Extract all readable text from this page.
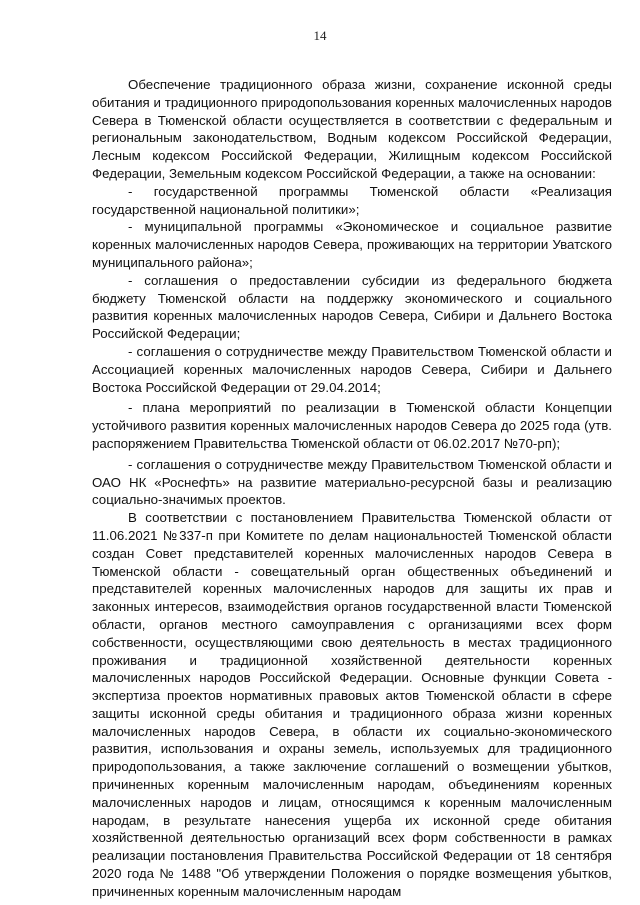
14

Обеспечение традиционного образа жизни, сохранение исконной среды обитания и традиционного природопользования коренных малочисленных народов Севера в Тюменской области осуществляется в соответствии с федеральным и региональным законодательством, Водным кодексом Российской Федерации, Лесным кодексом Российской Федерации, Жилищным кодексом Российской Федерации, Земельным кодексом Российской Федерации, а также на основании:

- государственной программы Тюменской области «Реализация государственной национальной политики»;

- муниципальной программы «Экономическое и социальное развитие коренных малочисленных народов Севера, проживающих на территории Уватского муниципального района»;

- соглашения о предоставлении субсидии из федерального бюджета бюджету Тюменской области на поддержку экономического и социального развития коренных малочисленных народов Севера, Сибири и Дальнего Востока Российской Федерации;

- соглашения о сотрудничестве между Правительством Тюменской области и Ассоциацией коренных малочисленных народов Севера, Сибири и Дальнего Востока Российской Федерации от 29.04.2014;

- плана мероприятий по реализации в Тюменской области Концепции устойчивого развития коренных малочисленных народов Севера до 2025 года (утв. распоряжением Правительства Тюменской области от 06.02.2017 №70-рп);

- соглашения о сотрудничестве между Правительством Тюменской области и ОАО НК «Роснефть» на развитие материально-ресурсной базы и реализацию социально-значимых проектов.

В соответствии с постановлением Правительства Тюменской области от 11.06.2021 №337-п при Комитете по делам национальностей Тюменской области создан Совет представителей коренных малочисленных народов Севера в Тюменской области - совещательный орган общественных объединений и представителей коренных малочисленных народов для защиты их прав и законных интересов, взаимодействия органов государственной власти Тюменской области, органов местного самоуправления с организациями всех форм собственности, осуществляющими свою деятельность в местах традиционного проживания и традиционной хозяйственной деятельности коренных малочисленных народов Российской Федерации. Основные функции Совета - экспертиза проектов нормативных правовых актов Тюменской области в сфере защиты исконной среды обитания и традиционного образа жизни коренных малочисленных народов Севера, в области их социально-экономического развития, использования и охраны земель, используемых для традиционного природопользования, а также заключение соглашений о возмещении убытков, причиненных коренным малочисленным народам, объединениям коренных малочисленных народов и лицам, относящимся к коренным малочисленным народам, в результате нанесения ущерба их исконной среде обитания хозяйственной деятельностью организаций всех форм собственности в рамках реализации постановления Правительства Российской Федерации от 18 сентября 2020 года № 1488 "Об утверждении Положения о порядке возмещения убытков, причиненных коренным малочисленным народам
